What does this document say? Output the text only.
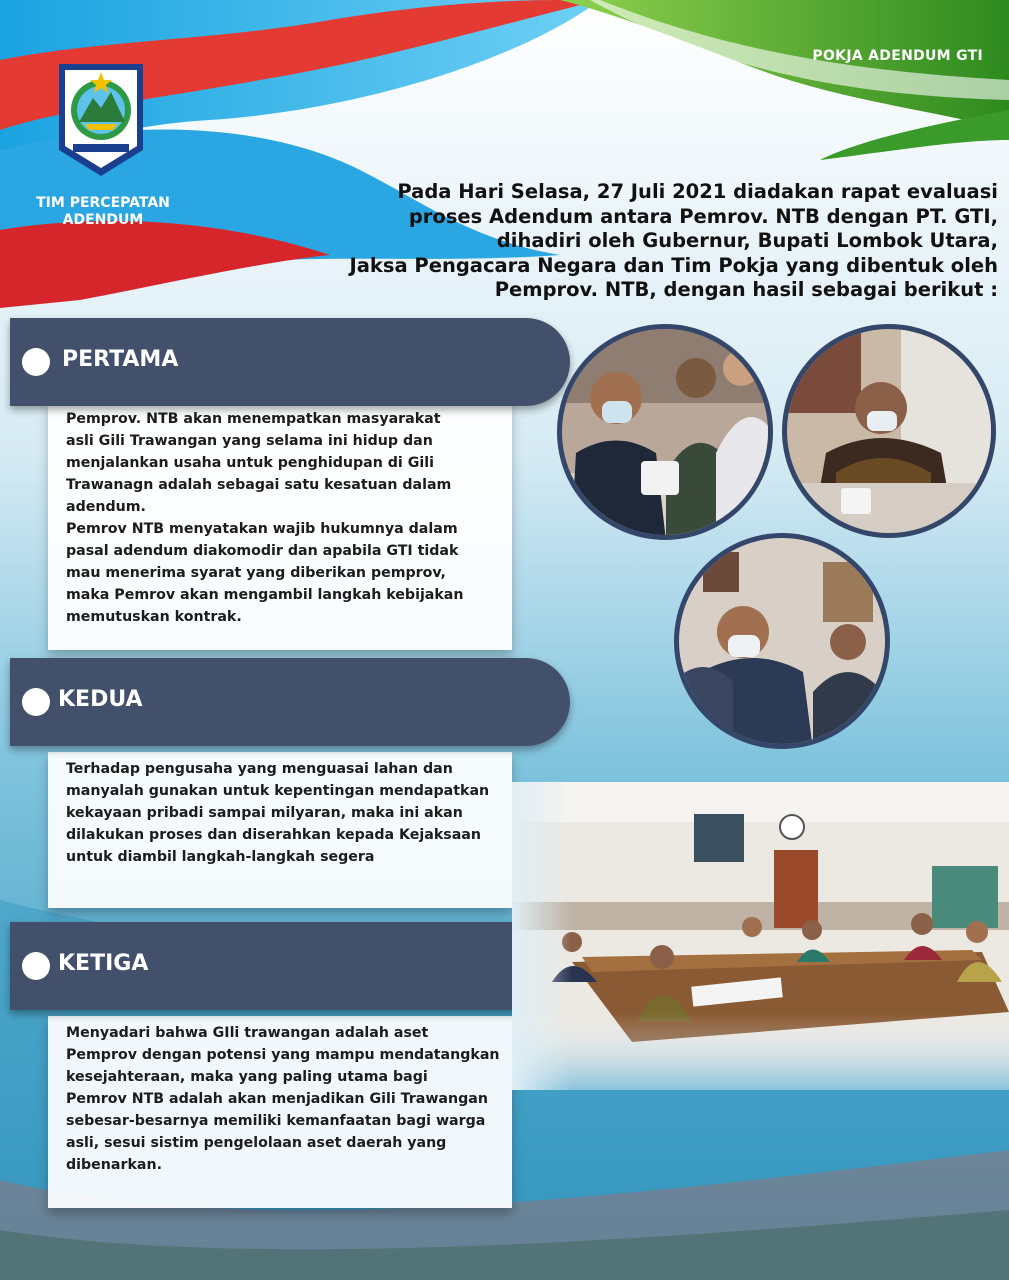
POKJA ADENDUM GTI
TIM PERCEPATAN ADENDUM
Pada Hari Selasa, 27 Juli 2021 diadakan rapat evaluasi
proses Adendum antara Pemrov. NTB dengan PT. GTI,
dihadiri oleh Gubernur, Bupati Lombok Utara,
Jaksa Pengacara Negara dan Tim Pokja yang dibentuk oleh
Pemprov. NTB, dengan hasil sebagai berikut :
Pemprov. NTB akan menempatkan masyarakat
asli Gili Trawangan yang selama ini hidup dan
menjalankan usaha untuk penghidupan di Gili
Trawanagn adalah sebagai satu kesatuan dalam
adendum.
Pemrov NTB menyatakan wajib hukumnya dalam
pasal adendum diakomodir dan apabila GTI tidak
mau menerima syarat yang diberikan pemprov,
maka Pemrov akan mengambil langkah kebijakan
memutuskan kontrak.
PERTAMA
Terhadap pengusaha yang menguasai lahan dan
manyalah gunakan untuk kepentingan mendapatkan
kekayaan pribadi sampai milyaran, maka ini akan
dilakukan proses dan diserahkan kepada Kejaksaan
untuk diambil langkah-langkah segera
KEDUA
Menyadari bahwa GIli trawangan adalah aset
Pemprov dengan potensi yang mampu mendatangkan
kesejahteraan, maka yang paling utama bagi
Pemrov NTB adalah akan menjadikan Gili Trawangan
sebesar-besarnya memiliki kemanfaatan bagi warga
asli, sesui sistim pengelolaan aset daerah yang
dibenarkan.
KETIGA
